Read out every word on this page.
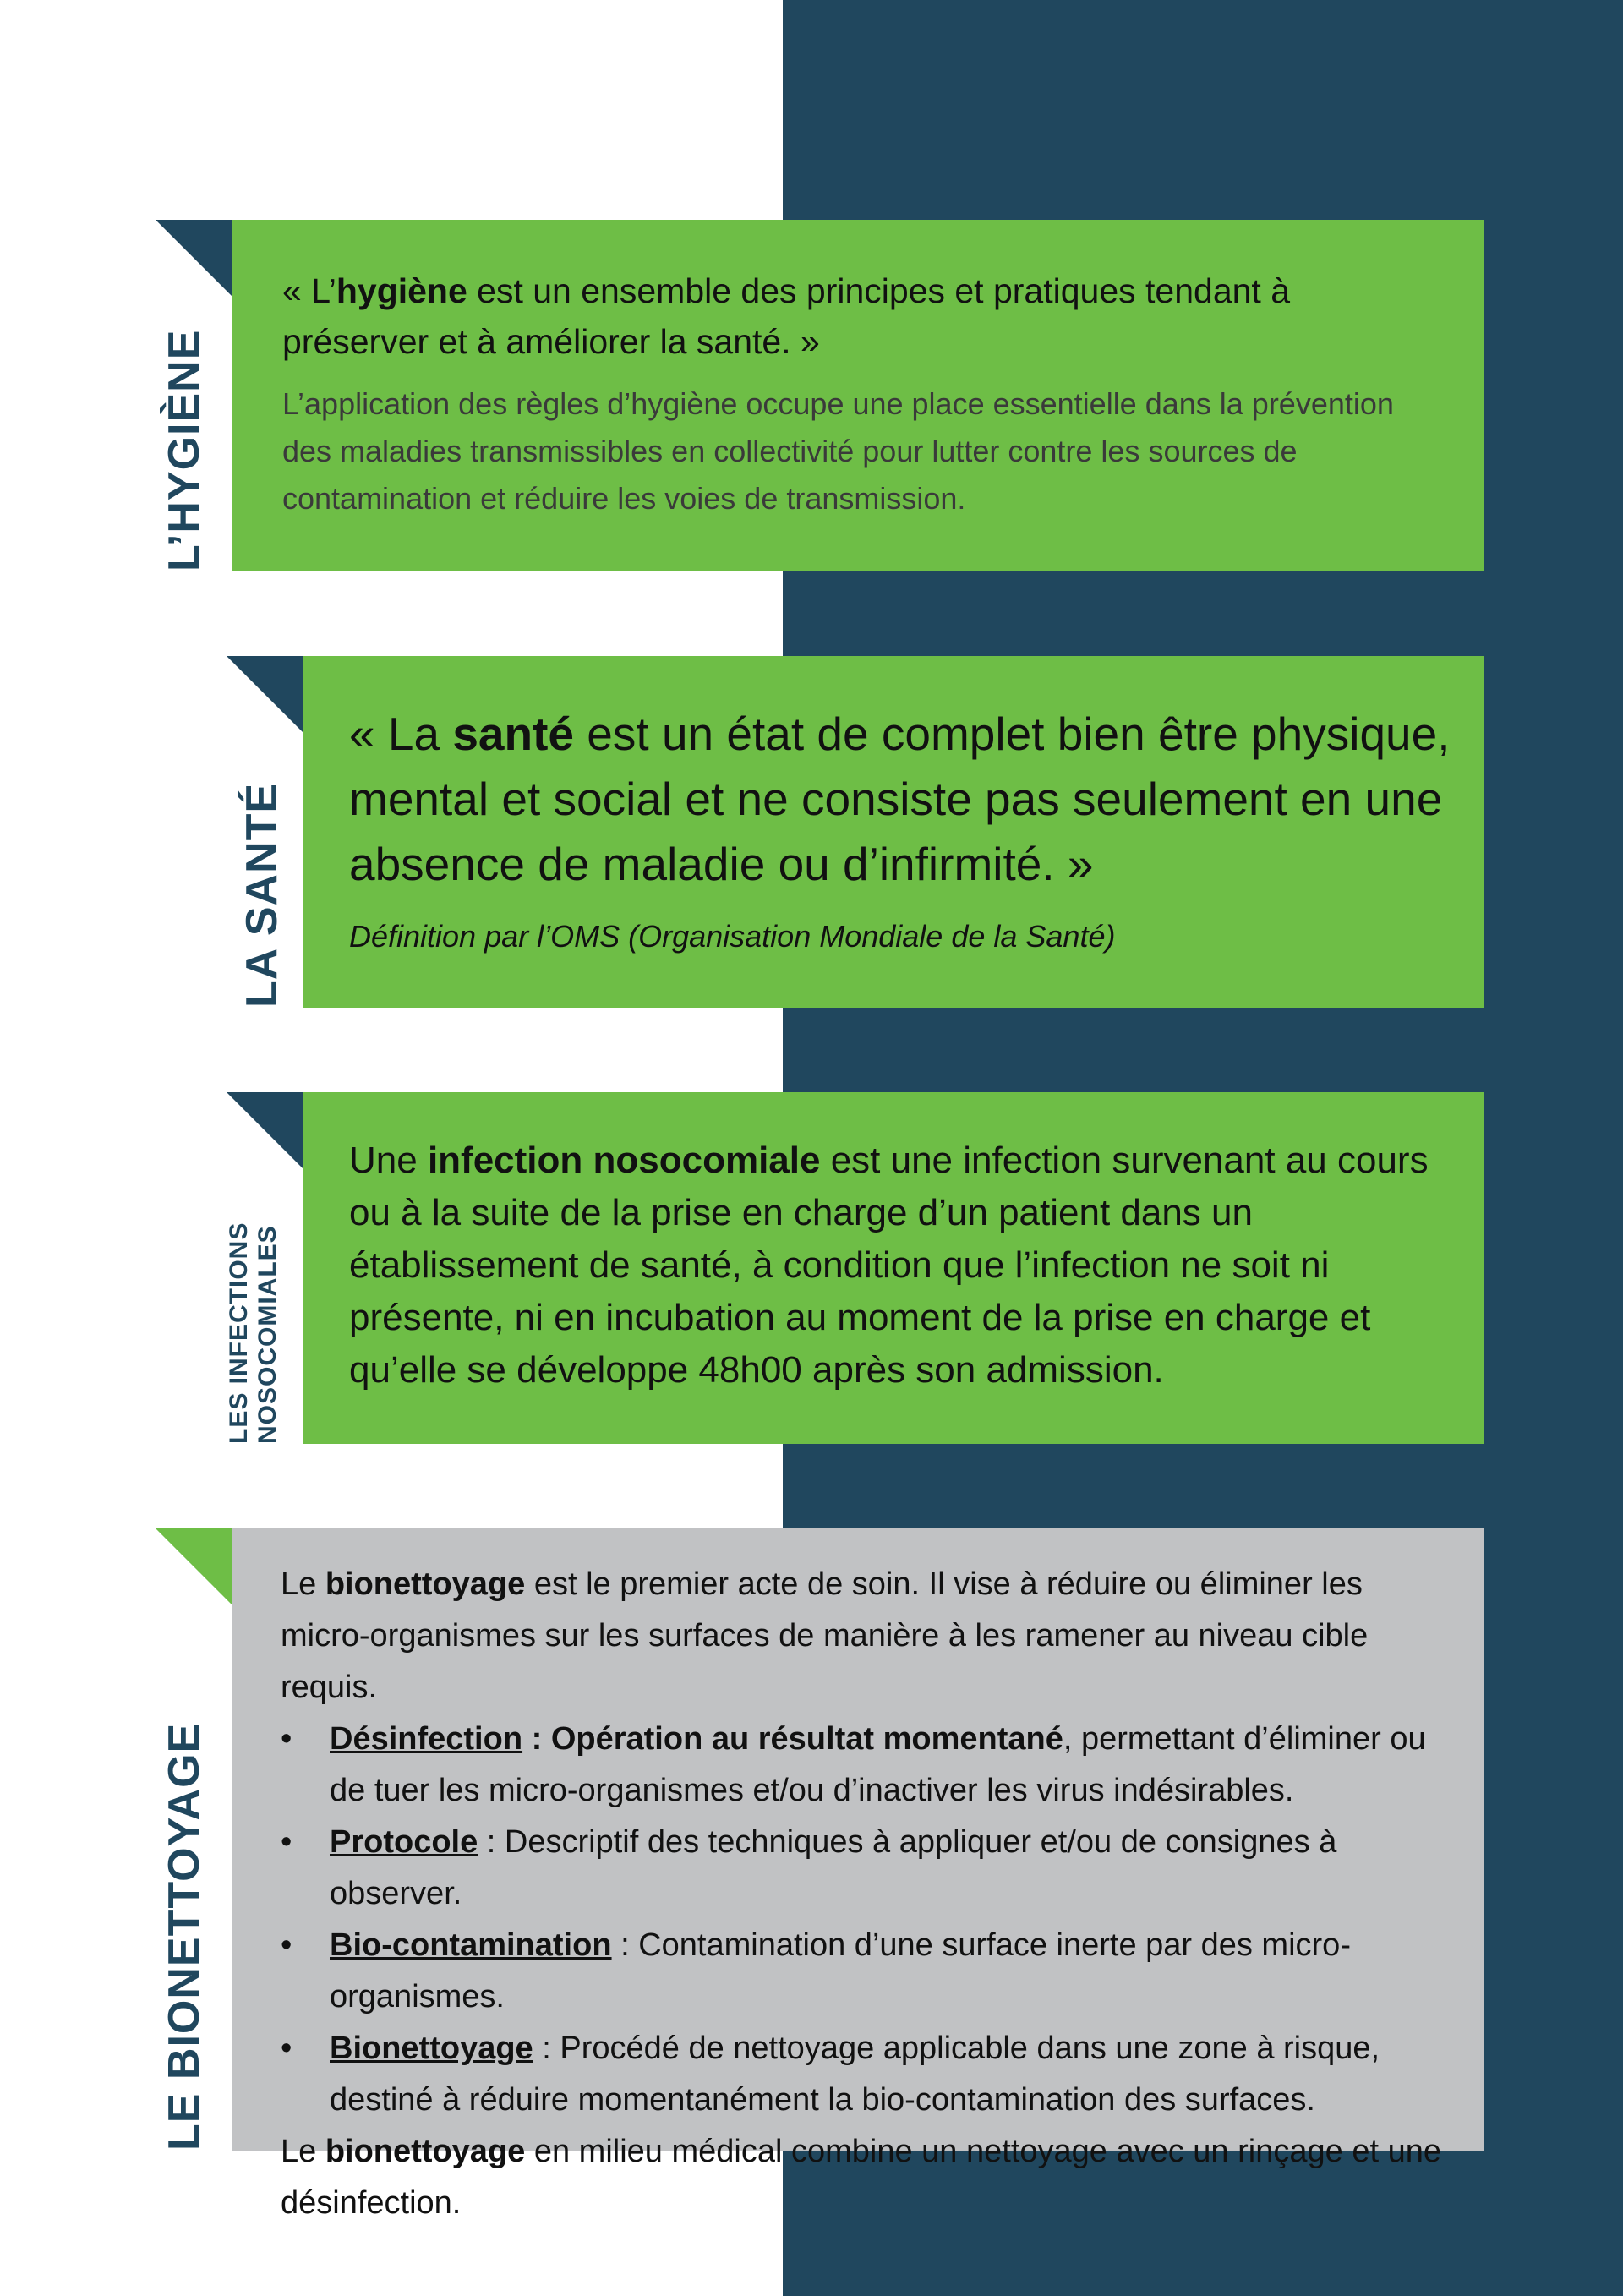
L’HYGIÈNE

« L’hygiène est un ensemble des principes et pratiques tendant à préserver et à améliorer la santé. »

L’application des règles d’hygiène occupe une place essentielle dans la prévention des maladies transmissibles en collectivité pour lutter contre les sources de contamination et réduire les voies de transmission.

LA SANTÉ

« La santé est un état de complet bien être physique, mental et social et ne consiste pas seulement en une absence de maladie ou d’infirmité. »

Définition par l’OMS (Organisation Mondiale de la Santé)

LES INFECTIONS NOSOCOMIALES

Une infection nosocomiale est une infection survenant au cours ou à la suite de la prise en charge d’un patient dans un établissement de santé, à condition que l’infection ne soit ni présente, ni en incubation au moment de la prise en charge et qu’elle se développe 48h00 après son admission.

LE BIONETTOYAGE

Le bionettoyage est le premier acte de soin. Il vise à réduire ou éliminer les micro-organismes sur les surfaces de manière à les ramener au niveau cible requis.

• Désinfection : Opération au résultat momentané, permettant d’éliminer ou de tuer les micro-organismes et/ou d’inactiver les virus indésirables.
• Protocole : Descriptif des techniques à appliquer et/ou de consignes à observer.
• Bio-contamination : Contamination d’une surface inerte par des micro-organismes.
• Bionettoyage : Procédé de nettoyage applicable dans une zone à risque, destiné à réduire momentanément la bio-contamination des surfaces.

Le bionettoyage en milieu médical combine un nettoyage avec un rinçage et une désinfection.
